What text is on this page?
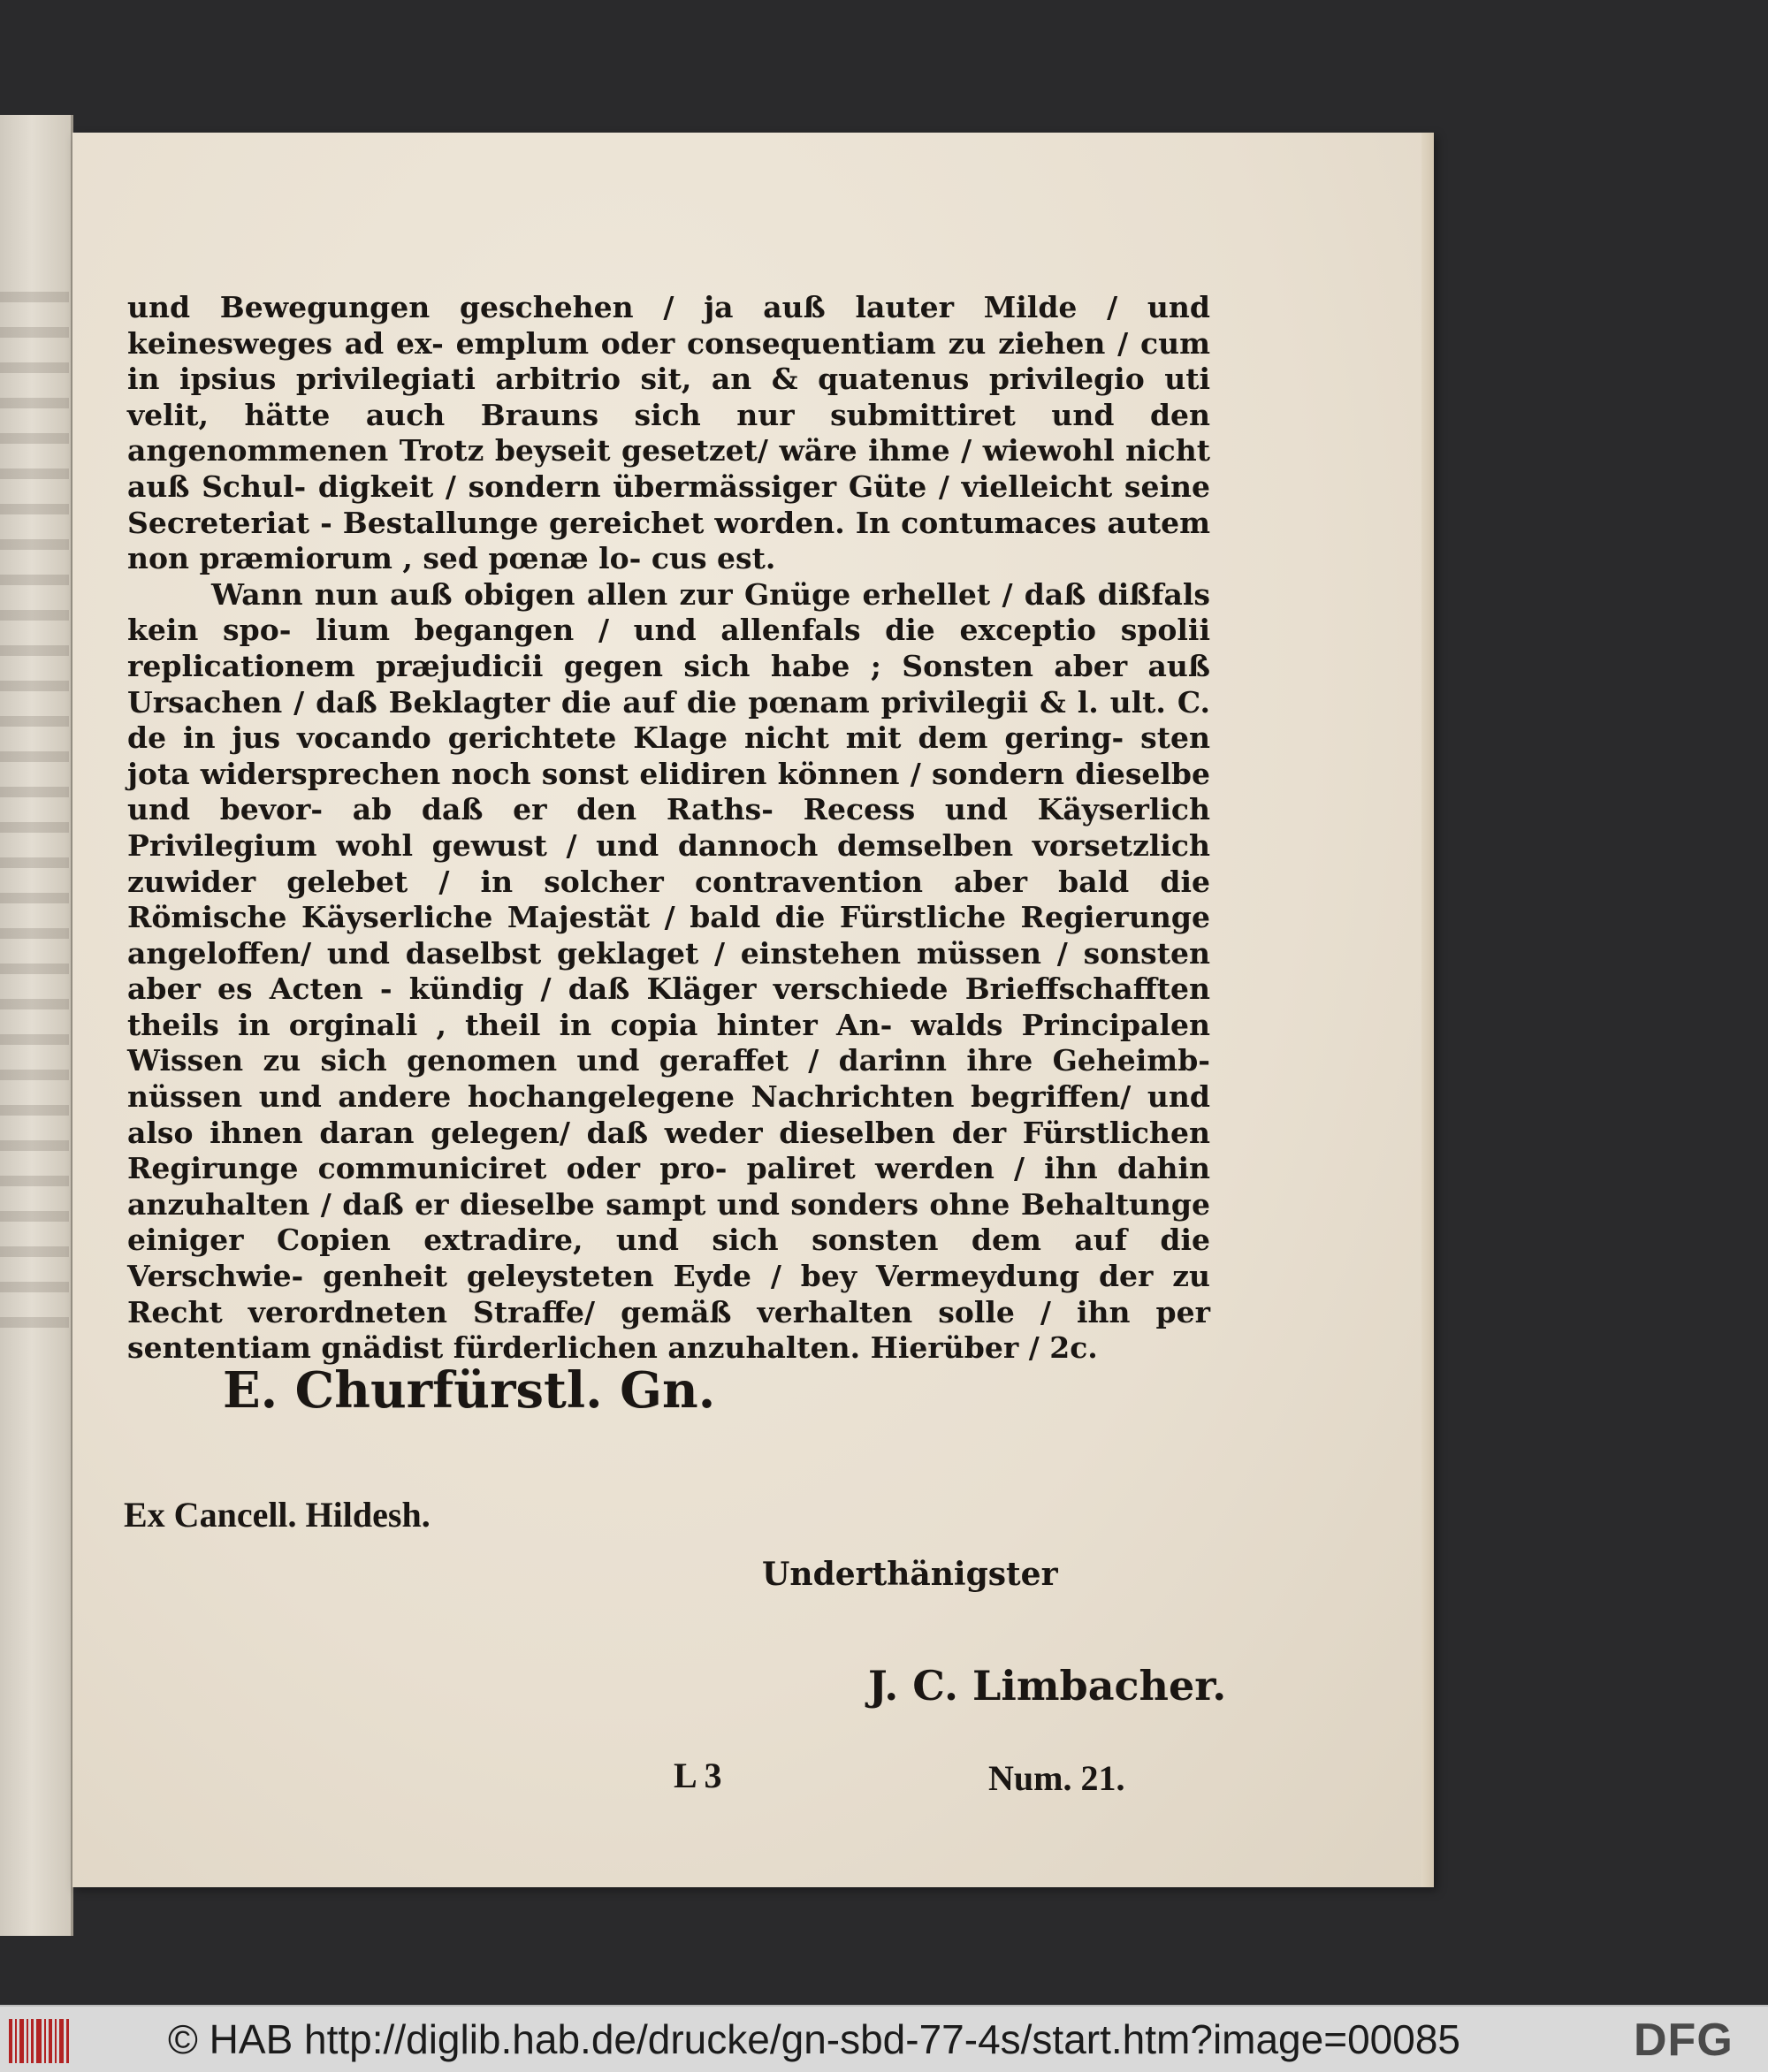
und Bewegungen geschehen / ja auß lauter Milde / und keinesweges ad ex- emplum oder consequentiam zu ziehen / cum in ipsius privilegiati arbitrio sit, an & quatenus privilegio uti velit, hätte auch Brauns sich nur submittiret und den angenommenen Trotz beyseit gesetzet/ wäre ihme / wiewohl nicht auß Schul- digkeit / sondern übermässiger Güte / vielleicht seine Secreteriat - Bestallunge gereichet worden. In contumaces autem non præmiorum , sed pœnæ lo- cus est.

Wann nun auß obigen allen zur Gnüge erhellet / daß dißfals kein spo- lium begangen / und allenfals die exceptio spolii replicationem præjudicii gegen sich habe ; Sonsten aber auß Ursachen / daß Beklagter die auf die pœnam privilegii & l. ult. C. de in jus vocando gerichtete Klage nicht mit dem gering- sten jota widersprechen noch sonst elidiren können / sondern dieselbe und bevor- ab daß er den Raths- Recess und Käyserlich Privilegium wohl gewust / und dannoch demselben vorsetzlich zuwider gelebet / in solcher contravention aber bald die Römische Käyserliche Majestät / bald die Fürstliche Regierunge angeloffen/ und daselbst geklaget / einstehen müssen / sonsten aber es Acten - kündig / daß Kläger verschiede Brieffschafften theils in orginali , theil in copia hinter An- walds Principalen Wissen zu sich genomen und geraffet / darinn ihre Geheimb- nüssen und andere hochangelegene Nachrichten begriffen/ und also ihnen daran gelegen/ daß weder dieselben der Fürstlichen Regirunge communiciret oder pro- paliret werden / ihn dahin anzuhalten / daß er dieselbe sampt und sonders ohne Behaltunge einiger Copien extradire, und sich sonsten dem auf die Verschwie- genheit geleysteten Eyde / bey Vermeydung der zu Recht verordneten Straffe/ gemäß verhalten solle / ihn per sententiam gnädist fürderlichen anzuhalten. Hierüber / 2c.

E. Churfürstl. Gn.
Ex Cancell. Hildesh.
Underthänigster
J. C. Limbacher.
L 3	Num. 21.
© HAB http://diglib.hab.de/drucke/gn-sbd-77-4s/start.htm?image=00085	DFG
